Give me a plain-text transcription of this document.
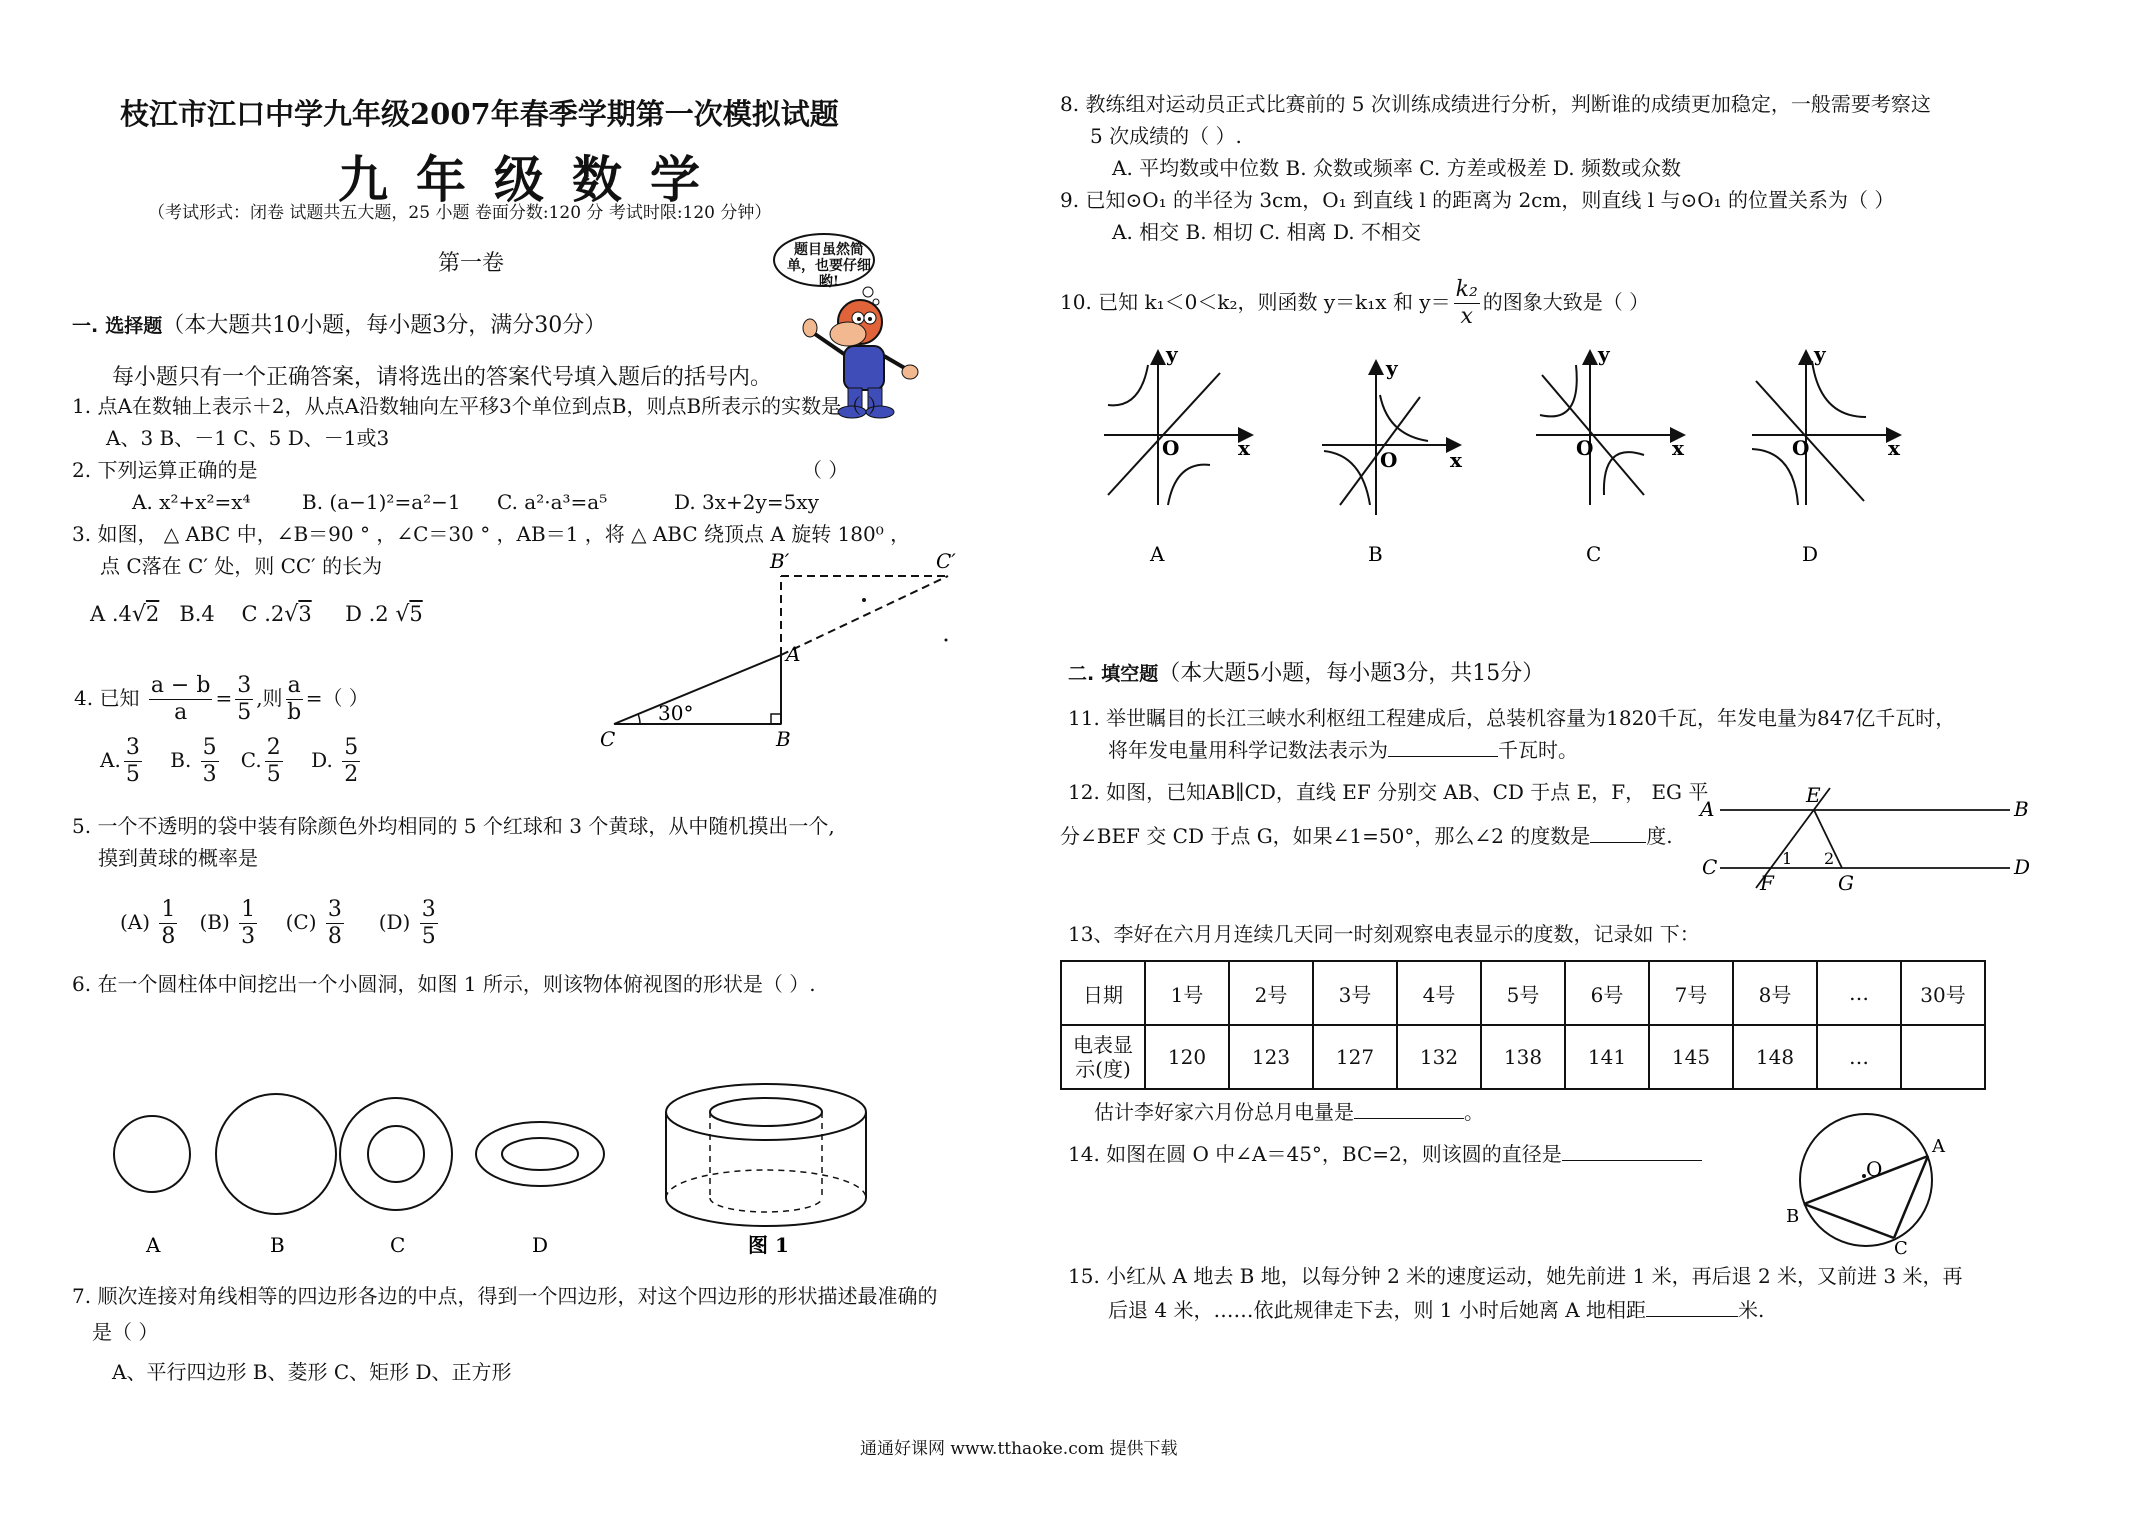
枝江市江口中学九年级2007年春季学期第一次模拟试题
九年级数学
（考试形式：闭卷 试题共五大题，25 小题 卷面分数:120 分 考试时限:120 分钟）
第一卷
题目虽然简单，也要仔细哟!
一. 选择题（本大题共10小题，每小题3分，满分30分）
每小题只有一个正确答案，请将选出的答案代号填入题后的括号内。
1. 点A在数轴上表示＋2，从点A沿数轴向左平移3个单位到点B，则点B所表示的实数是（ ）
A、3 B、－1 C、5 D、－1或3
2. 下列运算正确的是	（ ）
A. x²+x²=x⁴	B. (a−1)²=a²−1 C. a²·a³=a⁵	D. 3x+2y=5xy
3. 如图， △ ABC 中，∠B＝90 ° ，∠C＝30 ° ，AB＝1 ，将 △ ABC 绕顶点 A 旋转 180⁰ ，
点 C落在 C′ 处，则 CC′ 的长为
A .4√2 B.4 C .2√3 D .2 √5
C	B
A
B′	C′
30°
4. 已知 $\frac{a - b}{a} = \frac{3}{5}$ ,则 $\frac{a}{b}$ =（ ）
A. $\frac{3}{5} B$. $\frac{5}{3} C$. $\frac{2}{5} D$. $\frac{5}{2}$
5. 一个不透明的袋中装有除颜色外均相同的 5 个红球和 3 个黄球，从中随机摸出一个,
摸到黄球的概率是
$(A) \frac{1}{8} (B) \frac{1}{3} (C) \frac{3}{8} (D) \frac{3}{5}$
6. 在一个圆柱体中间挖出一个小圆洞，如图 1 所示，则该物体俯视图的形状是（ ）.
A	B	C	D	图 1
7. 顺次连接对角线相等的四边形各边的中点，得到一个四边形，对这个四边形的形状描述最准确的
是（ ）
A、平行四边形 B、菱形 C、矩形 D、正方形
8. 教练组对运动员正式比赛前的 5 次训练成绩进行分析，判断谁的成绩更加稳定，一般需要考察这
5 次成绩的（ ）.
A. 平均数或中位数 B. 众数或频率 C. 方差或极差 D. 频数或众数
9. 已知⊙O₁ 的半径为 3cm，O₁ 到直线 l 的距离为 2cm，则直线 l 与⊙O₁ 的位置关系为（ ）
A. 相交 B. 相切 C. 相离 D. 不相交
10. 已知 k₁＜0＜k₂，则函数 y＝k₁x 和 $y= \frac{\text{k₂}}{x}$ 的图象大致是（ ）
y
x
O
y
x
O
y
x
O
y
x
O
A	B	C	D
二. 填空题（本大题5小题，每小题3分，共15分）
11. 举世瞩目的长江三峡水利枢纽工程建成后，总装机容量为1820千瓦，年发电量为847亿千瓦时，
将年发电量用科学记数法表示为	千瓦时。
12. 如图，已知AB∥CD，直线 EF 分别交 AB、CD 于点 E，F， EG 平
分∠BEF 交 CD 于点 G，如果∠1=50°，那么∠2 的度数是	度.
A
E
B
C
F	G
D
1 2
13、李好在六月月连续几天同一时刻观察电表显示的度数，记录如 下：
日期	1号	2号	3号	4号	5号	6号	7号	8号	…	30号
电表显
示(度)	120	123	127	132	138	141	145	148	…	
估计李好家六月份总月电量是	。
14. 如图在圆 O 中∠A＝45°，BC=2，则该圆的直径是
O
A
B
C
15. 小红从 A 地去 B 地，以每分钟 2 米的速度运动，她先前进 1 米，再后退 2 米，又前进 3 米，再
后退 4 米，……依此规律走下去，则 1 小时后她离 A 地相距	米.
通通好课网 www.tthaoke.com 提供下载
